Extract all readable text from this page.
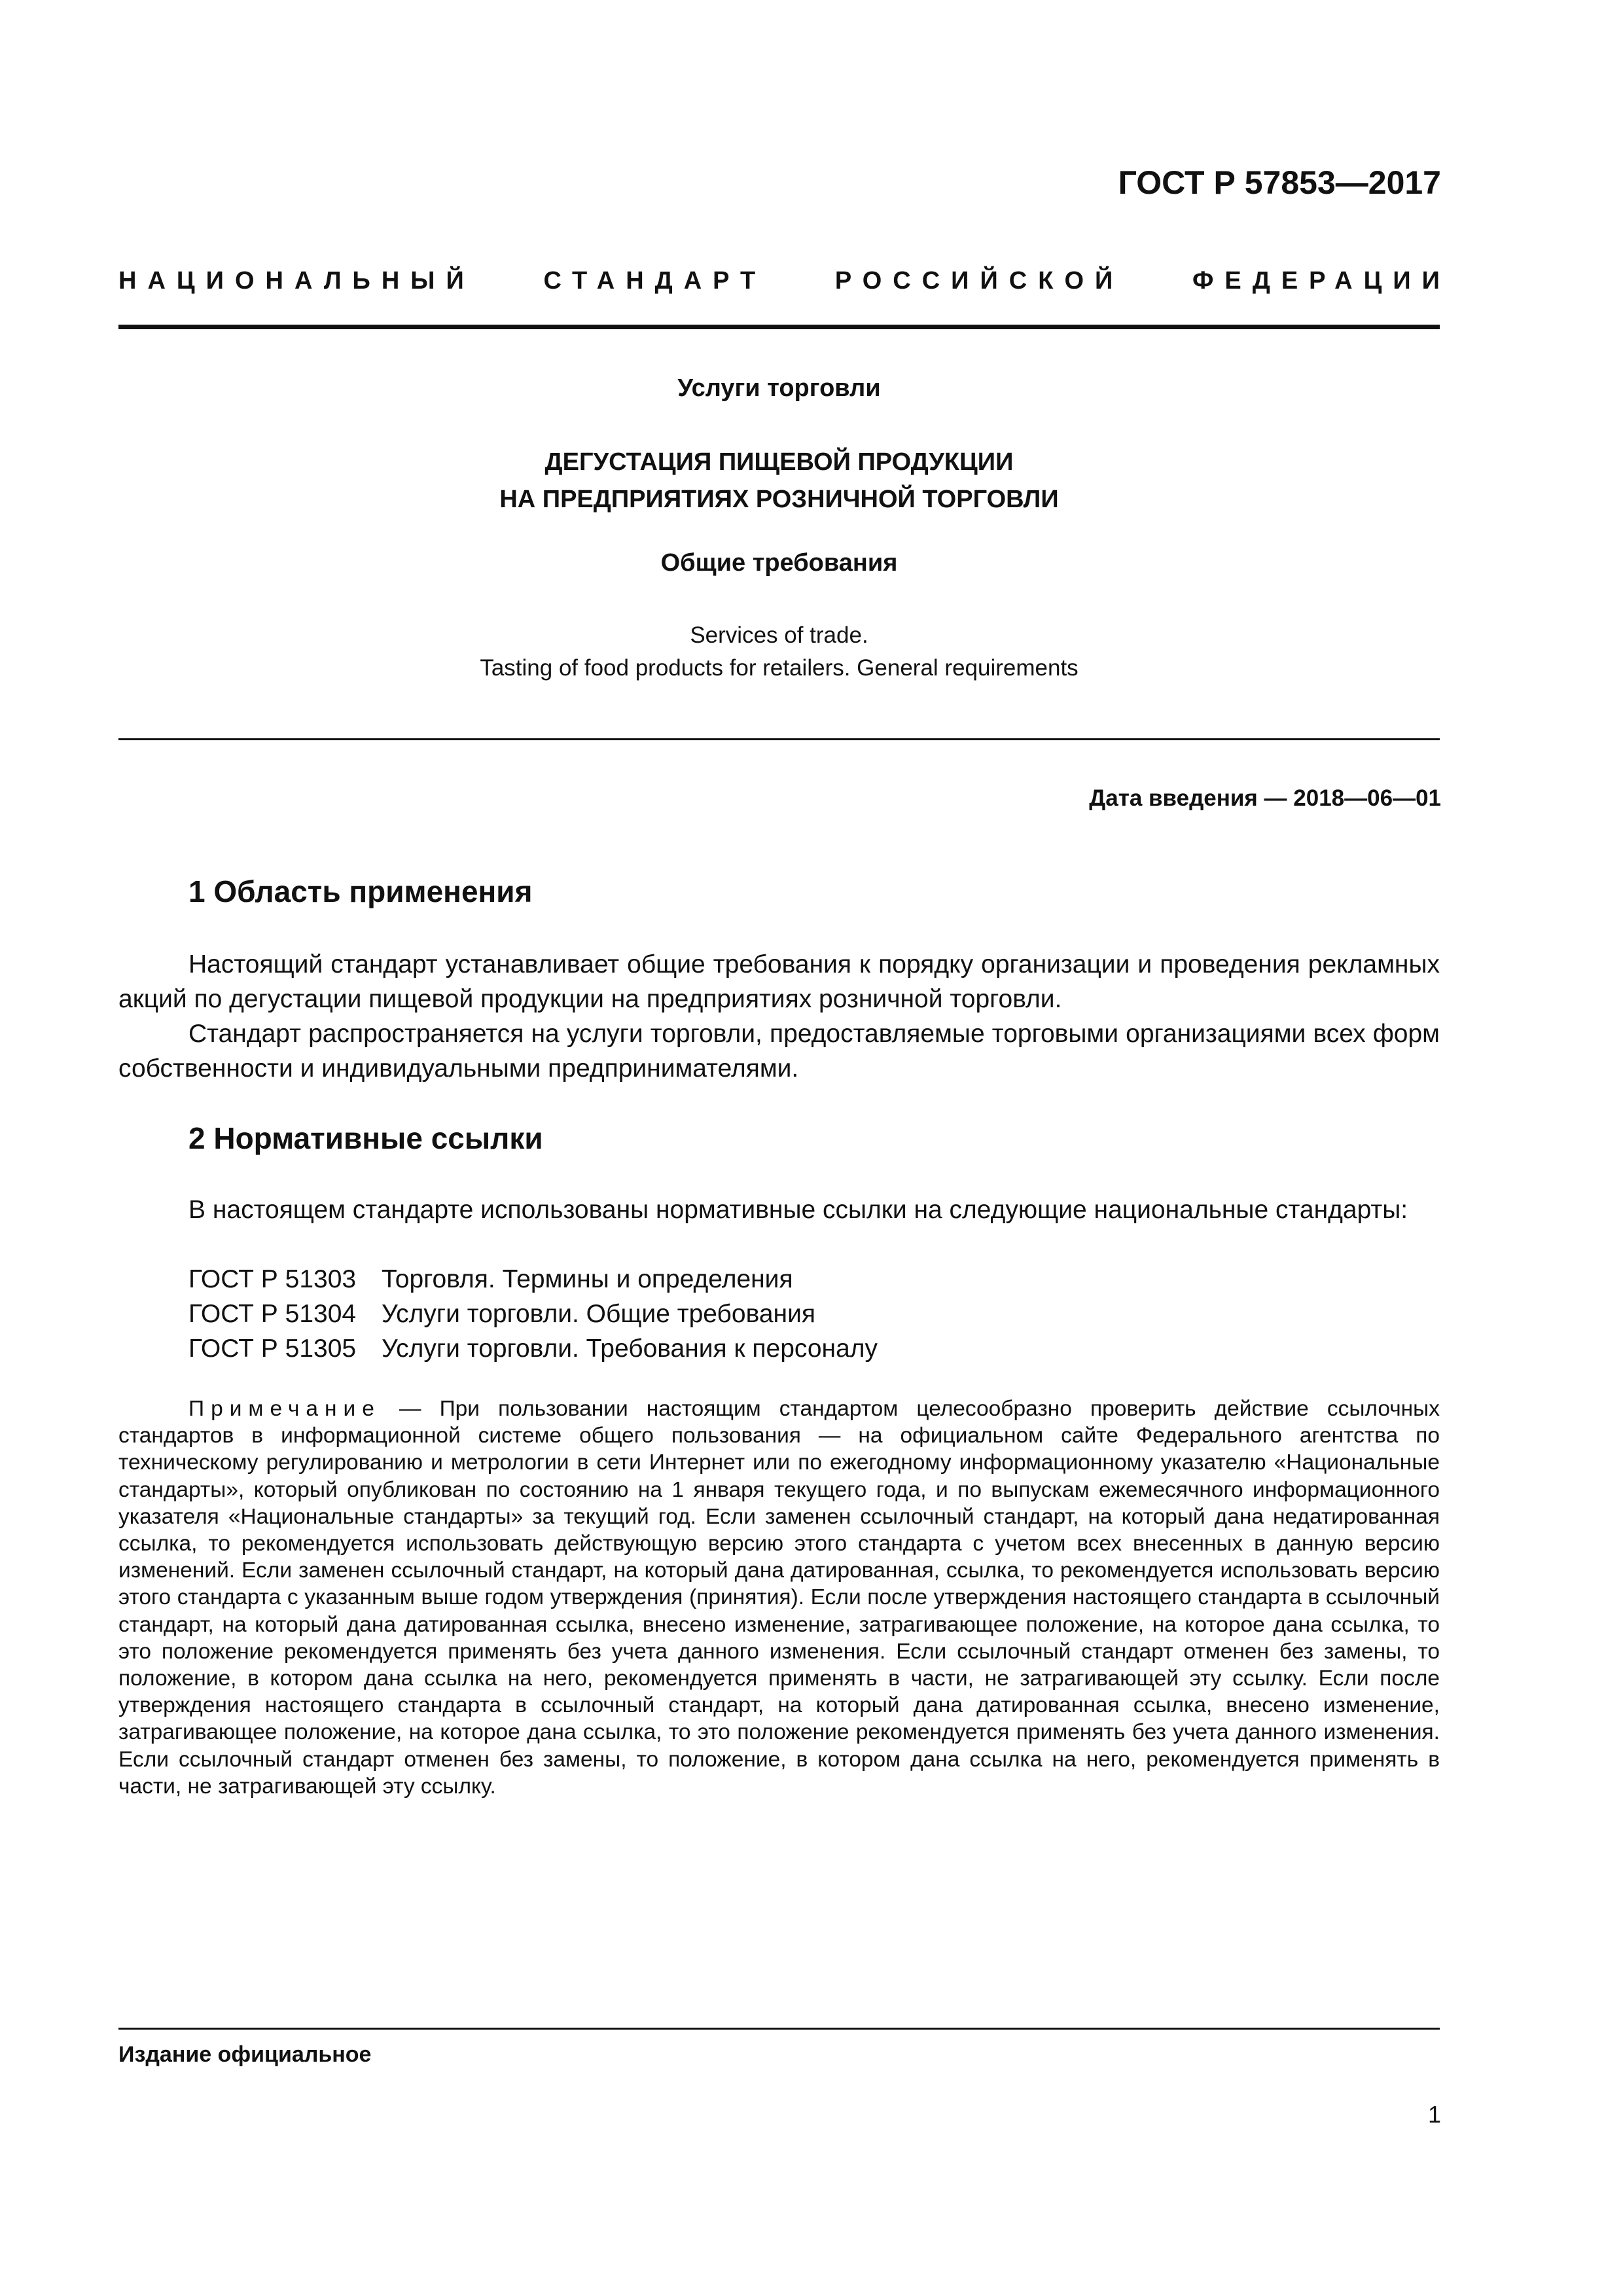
ГОСТ Р 57853—2017
НАЦИОНАЛЬНЫЙ	СТАНДАРТ	РОССИЙСКОЙ	ФЕДЕРАЦИИ
Услуги торговли
ДЕГУСТАЦИЯ ПИЩЕВОЙ ПРОДУКЦИИ
НА ПРЕДПРИЯТИЯХ РОЗНИЧНОЙ ТОРГОВЛИ
Общие требования
Services of trade.
Tasting of food products for retailers. General requirements
Дата введения — 2018—06—01
1 Область применения
Настоящий стандарт устанавливает общие требования к порядку организации и проведения рекламных акций по дегустации пищевой продукции на предприятиях розничной торговли.
Стандарт распространяется на услуги торговли, предоставляемые торговыми организациями всех форм собственности и индивидуальными предпринимателями.
2 Нормативные ссылки
В настоящем стандарте использованы нормативные ссылки на следующие национальные стандарты:
ГОСТ Р 51303 Торговля. Термины и определения
ГОСТ Р 51304 Услуги торговли. Общие требования
ГОСТ Р 51305 Услуги торговли. Требования к персоналу
Примечание — При пользовании настоящим стандартом целесообразно проверить действие ссылочных стандартов в информационной системе общего пользования — на официальном сайте Федерального агентства по техническому регулированию и метрологии в сети Интернет или по ежегодному информационному указателю «Национальные стандарты», который опубликован по состоянию на 1 января текущего года, и по выпускам ежемесячного информационного указателя «Национальные стандарты» за текущий год. Если заменен ссылочный стандарт, на который дана недатированная ссылка, то рекомендуется использовать действующую версию этого стандарта с учетом всех внесенных в данную версию изменений. Если заменен ссылочный стандарт, на который дана датированная, ссылка, то рекомендуется использовать версию этого стандарта с указанным выше годом утверждения (принятия). Если после утверждения настоящего стандарта в ссылочный стандарт, на который дана датированная ссылка, внесено изменение, затрагивающее положение, на которое дана ссылка, то это положение рекомендуется применять без учета данного изменения. Если ссылочный стандарт отменен без замены, то положение, в котором дана ссылка на него, рекомендуется применять в части, не затрагивающей эту ссылку. Если после утверждения настоящего стандарта в ссылочный стандарт, на который дана датированная ссылка, внесено изменение, затрагивающее положение, на которое дана ссылка, то это положение рекомендуется применять без учета данного изменения. Если ссылочный стандарт отменен без замены, то положение, в котором дана ссылка на него, рекомендуется применять в части, не затрагивающей эту ссылку.
Издание официальное
1
